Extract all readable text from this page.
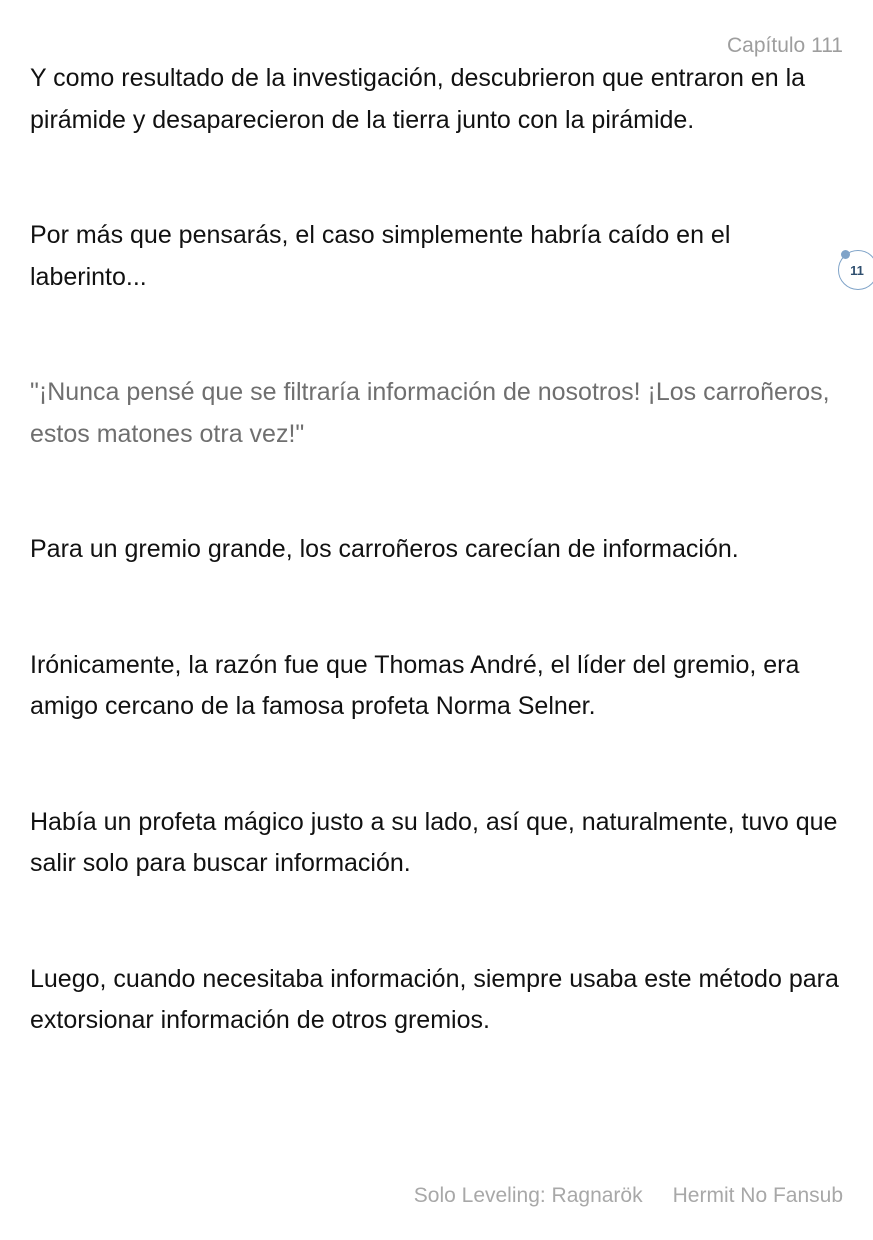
Capítulo 111

Y como resultado de la investigación, descubrieron que entraron en la pirámide y desaparecieron de la tierra junto con la pirámide.

Por más que pensarás, el caso simplemente habría caído en el laberinto...

"¡Nunca pensé que se filtraría información de nosotros! ¡Los carroñeros, estos matones otra vez!"

Para un gremio grande, los carroñeros carecían de información.

Irónicamente, la razón fue que Thomas André, el líder del gremio, era amigo cercano de la famosa profeta Norma Selner.

Había un profeta mágico justo a su lado, así que, naturalmente, tuvo que salir solo para buscar información.

Luego, cuando necesitaba información, siempre usaba este método para extorsionar información de otros gremios.

11
Solo Leveling: Ragnarök Hermit No Fansub
